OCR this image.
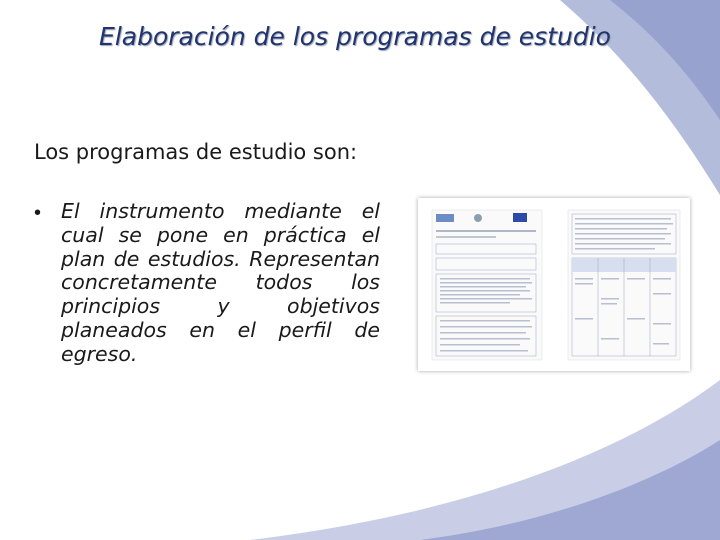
Elaboración de los programas de estudio
Los programas de estudio son:
• El instrumento mediante el cual se pone en práctica el plan de estudios. Representan concretamente todos los principios y objetivos planeados en el perfil de egreso.
